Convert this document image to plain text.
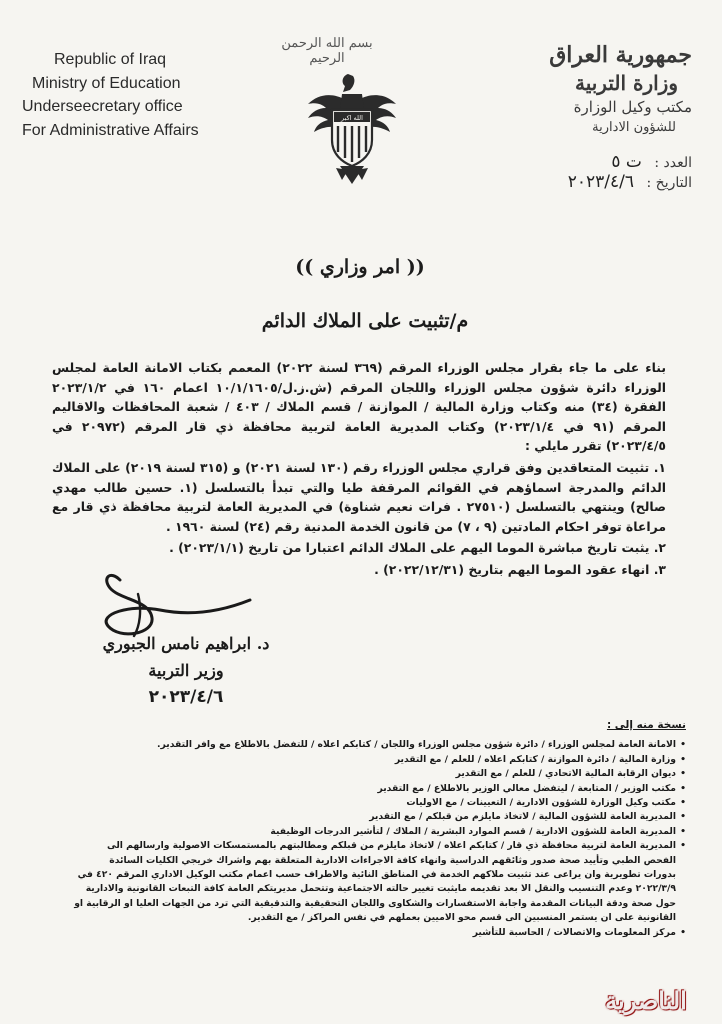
Republic of Iraq
Ministry of Education
Underseecretary office
For Administrative Affairs
بسم الله الرحمن الرحيم
الله اكبر
جمهورية العراق
وزارة التربية
مكتب وكيل الوزارة
للشؤون الادارية
العدد : ت ٥
التاريخ : ٢٠٢٣/٤/٦
(( امر وزاري ))
م/تثبيت على الملاك الدائم

بناء على ما جاء بقرار مجلس الوزراء المرقم (٣٦٩ لسنة ٢٠٢٢) المعمم بكتاب الامانة العامة لمجلس الوزراء دائرة شؤون مجلس الوزراء واللجان المرقم (ش.ز.ل/١٠/١/١٦٠٥ اعمام ١٦٠ في ٢٠٢٣/١/٢ الفقرة (٣٤) منه وكتاب وزارة المالية / الموازنة / قسم الملاك / ٤٠٣ / شعبة المحافظات والاقاليم المرقم (٩١ في ٢٠٢٣/١/٤) وكتاب المديرية العامة لتربية محافظة ذي قار المرقم (٢٠٩٧٢ في ٢٠٢٣/٤/٥) تقرر مايلي :

١. تثبيت المتعاقدين وفق قراري مجلس الوزراء رقم (١٣٠ لسنة ٢٠٢١) و (٣١٥ لسنة ٢٠١٩) على الملاك الدائم والمدرجة اسماؤهم في القوائم المرقفة طيا والتي تبدأ بالتسلسل (١. حسين طالب مهدي صالح) وينتهي بالتسلسل (٢٧٥١٠ . فرات نعيم شناوة) في المديرية العامة لتربية محافظة ذي قار مع مراعاة توفر احكام المادتين (٩ ، ٧) من قانون الخدمة المدنية رقم (٢٤) لسنة ١٩٦٠ .

٢. يثبت تاريخ مباشرة الموما اليهم على الملاك الدائم اعتبارا من تاريخ (٢٠٢٣/١/١) .

٣. انهاء عقود الموما اليهم بتاريخ (٢٠٢٢/١٢/٣١) .

د. ابراهيم نامس الجبوري
وزير التربية
٢٠٢٣/٤/٦
نسخة منه إلى :
• الامانة العامة لمجلس الوزراء / دائرة شؤون مجلس الوزراء واللجان / كتابكم اعلاه / للتفضل بالاطلاع مع وافر التقدير.
• وزارة المالية / دائرة الموازنة / كتابكم اعلاه / للعلم / مع التقدير
• ديوان الرقابة المالية الاتحادي / للعلم / مع التقدير
• مكتب الوزير / المتابعة / ليتفضل معالي الوزير بالاطلاع / مع التقدير
• مكتب وكيل الوزارة للشؤون الادارية / التعيينات / مع الاوليات
• المديرية العامة للشؤون المالية / لاتخاذ مايلزم من قبلكم / مع التقدير
• المديرية العامة للشؤون الادارية / قسم الموارد البشرية / الملاك / لتأشير الدرجات الوظيفية
• المديرية العامة لتربية محافظة ذي قار / كتابكم اعلاه / لاتخاذ مايلزم من قبلكم ومطالبتهم بالمستمسكات الاصولية وارسالهم الى الفحص الطبي وتأييد صحة صدور وثائقهم الدراسية وانهاء كافة الاجراءات الادارية المتعلقة بهم واشراك خريجي الكليات السائدة بدورات تطويرية وان يراعى عند تثبيت ملاكهم الخدمة في المناطق النائية والاطراف حسب اعمام مكتب الوكيل الاداري المرقم ٤٢٠ في ٢٠٢٢/٣/٩ وعدم التنسيب والنقل الا بعد تقديمه مايثبت تغيير حالته الاجتماعية وتتحمل مديريتكم العامة كافة التبعات القانونية والادارية حول صحة ودقة البيانات المقدمة واجابة الاستفسارات والشكاوى واللجان التحقيقية والتدقيقية التي ترد من الجهات العليا او الرقابية او القانونية على ان يستمر المنسبين الى قسم محو الاميين بعملهم في نفس المراكز / مع التقدير.
• مركز المعلومات والاتصالات / الحاسبة للتأشير
الناصرية
